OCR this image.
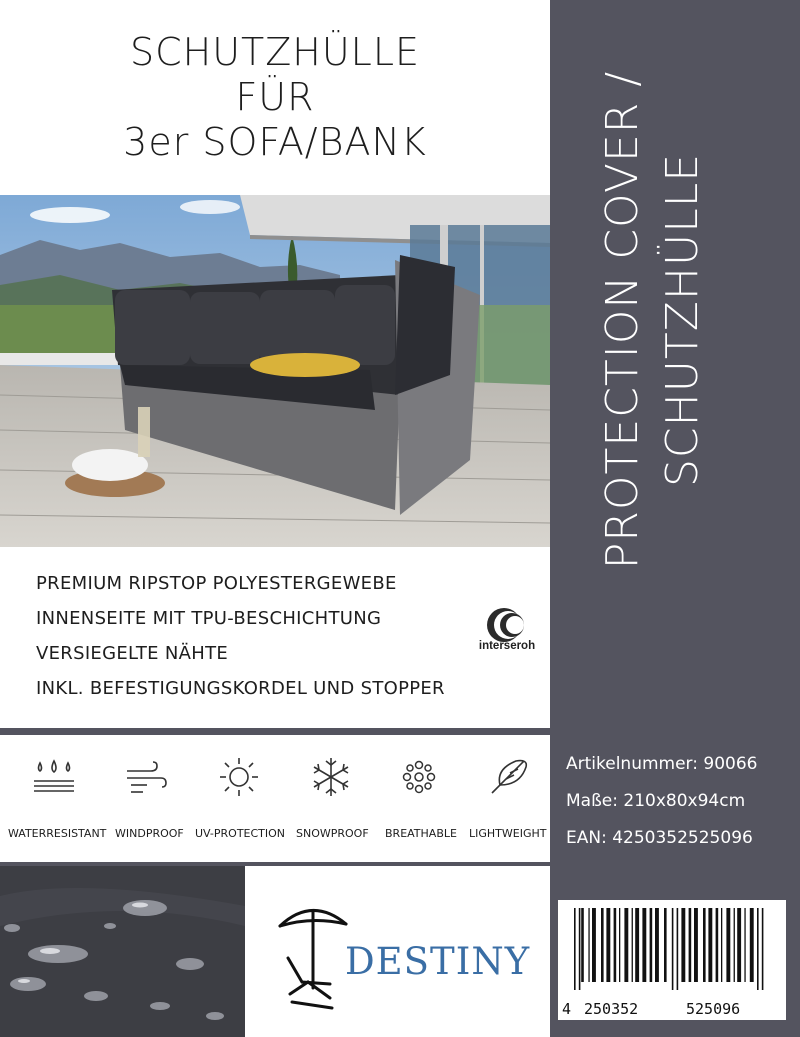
SCHUTZHÜLLE
FÜR
3er SOFA/BANK
PREMIUM RIPSTOP POLYESTERGEWEBE
INNENSEITE MIT TPU-BESCHICHTUNG
VERSIEGELTE NÄHTE
INKL. BEFESTIGUNGSKORDEL UND STOPPER
interseroh
PROTECTION COVER / SCHUTZHÜLLE
WATERRESISTANT WINDPROOF UV-PROTECTION SNOWPROOF BREATHABLE LIGHTWEIGHT
Artikelnummer: 90066
Maße: 210x80x94cm
EAN: 4250352525096
DESTINY
4 250352	525096
